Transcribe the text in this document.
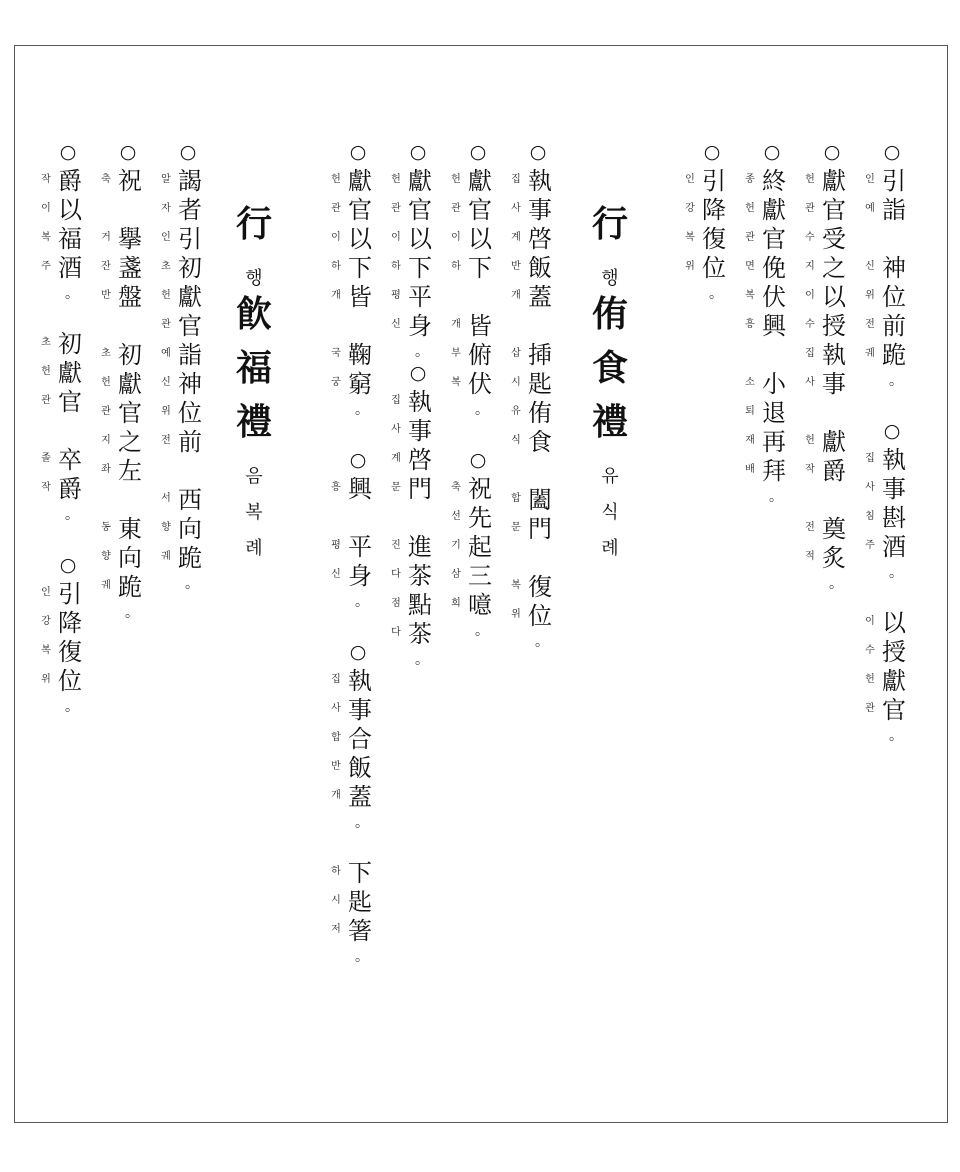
○
인 引
예 詣
신 神
위 位
전 前
궤 跪
。
○
집 執
사 事
침 斟
주 酒
。
이 以
수 授
헌 獻
관 官
。
○
헌 獻
관 官
수 受
지 之
이 以
수 授
집 執
사 事
헌 獻
작 爵
전 奠
적 炙
。
○
종 終
헌 獻
관 官
면 俛
복 伏
흥 興
소 小
퇴 退
재 再
배 拜
。
○
인 引
강 降
복 復
위 位
。
行
행
侑
食
禮
유
식
례
○
집 執
사 事
계 啓
반 飯
개 蓋
삽 揷
시 匙
유 侑
식 食
합 闔
문 門
복 復
위 位
。
○
헌 獻
관 官
이 以
하 下
개 皆
부 俯
복 伏
。
○
축 祝
선 先
기 起
삼 三
희 噫
。
○
헌 獻
관 官
이 以
하 下
평 平
신 身
。
○
집 執
사 事
계 啓
문 門
진 進
다 茶
점 點
다 茶
。
○
헌 獻
관 官
이 以
하 下
개 皆
국 鞠
궁 窮
。
○
흥 興
평 平
신 身
。
○
집 執
사 事
합 合
반 飯
개 蓋
。
하 下
시 匙
저 箸
。
行
행
飮
福
禮
음
복
례
○
알 謁
자 者
인 引
초 初
헌 獻
관 官
예 詣
신 神
위 位
전 前
서 西
향 向
궤 跪
。
○
축 祝
거 擧
잔 盞
반 盤
초 初
헌 獻
관 官
지 之
좌 左
동 東
향 向
궤 跪
。
○
작 爵
이 以
복 福
주 酒
。
초 初
헌 獻
관 官
졸 卒
작 爵
。
○
인 引
강 降
복 復
위 位
。
